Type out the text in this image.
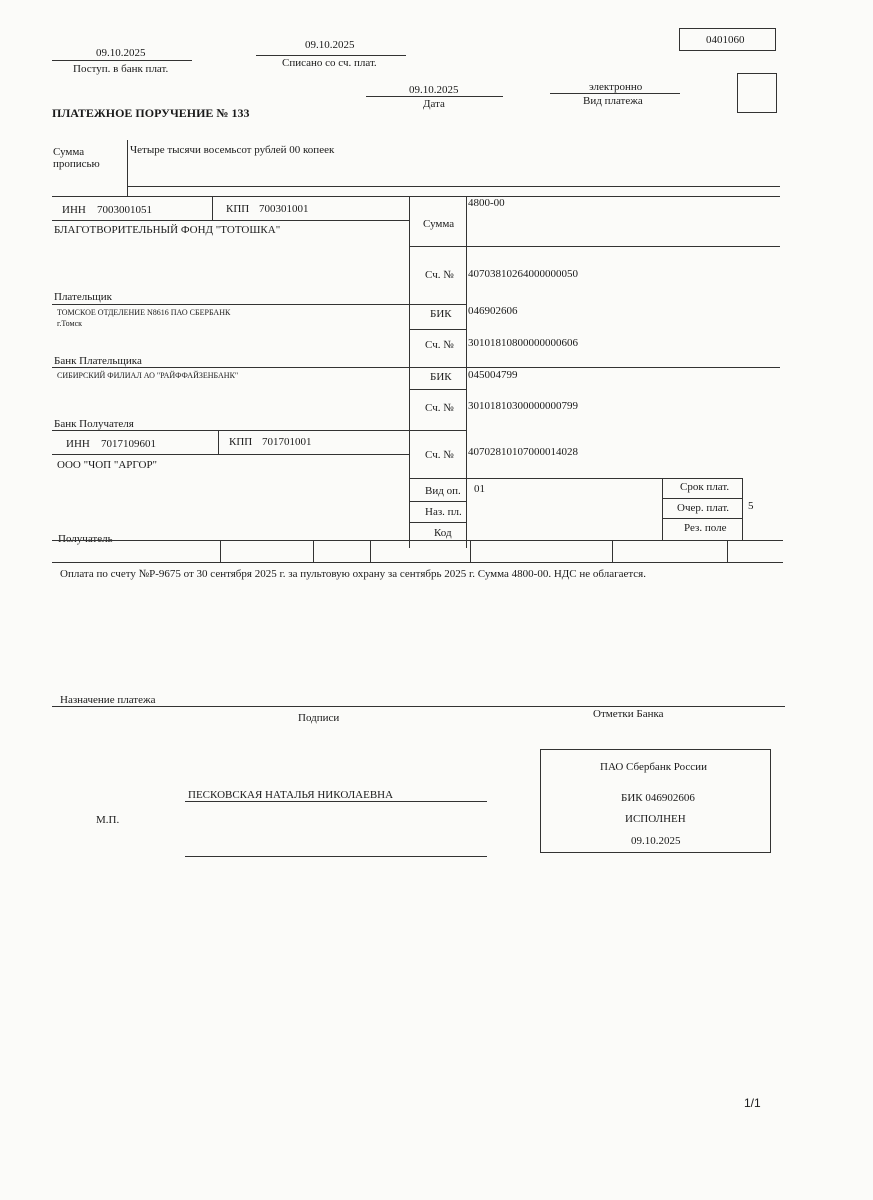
09.10.2025
Поступ. в банк плат.
09.10.2025
Списано со сч. плат.
0401060
09.10.2025
Дата
электронно
Вид платежа
ПЛАТЕЖНОЕ ПОРУЧЕНИЕ № 133
Сумма
прописью
Четыре тысячи восемьсот рублей 00 копеек
ИНН 7003001051	КПП 700301001
БЛАГОТВОРИТЕЛЬНЫЙ ФОНД "ТОТОШКА"	Сумма
4800-00
Сч. № 40703810264000000050
Плательщик
ТОМСКОЕ ОТДЕЛЕНИЕ N8616 ПАО СБЕРБАНК
г.Томск
БИК 046902606
Сч. № 30101810800000000606
Банк Плательщика
СИБИРСКИЙ ФИЛИАЛ АО "РАЙФФАЙЗЕНБАНК"	БИК 045004799
Сч. № 30101810300000000799
Банк Получателя
ИНН 7017109601	КПП 701701001
ООО "ЧОП "АРГОР"
Сч. № 40702810107000014028
Вид оп. 01
Наз. пл.
Код
Срок плат.
Очер. плат. 5
Рез. поле
Получатель
Оплата по счету №Р-9675 от 30 сентября 2025 г. за пультовую охрану за сентябрь 2025 г. Сумма 4800-00. НДС не облагается.
Назначение платежа
Подписи	Отметки Банка
ПЕСКОВСКАЯ НАТАЛЬЯ НИКОЛАЕВНА
М.П.
ПАО Сбербанк России
БИК 046902606
ИСПОЛНЕН
09.10.2025
1/1
